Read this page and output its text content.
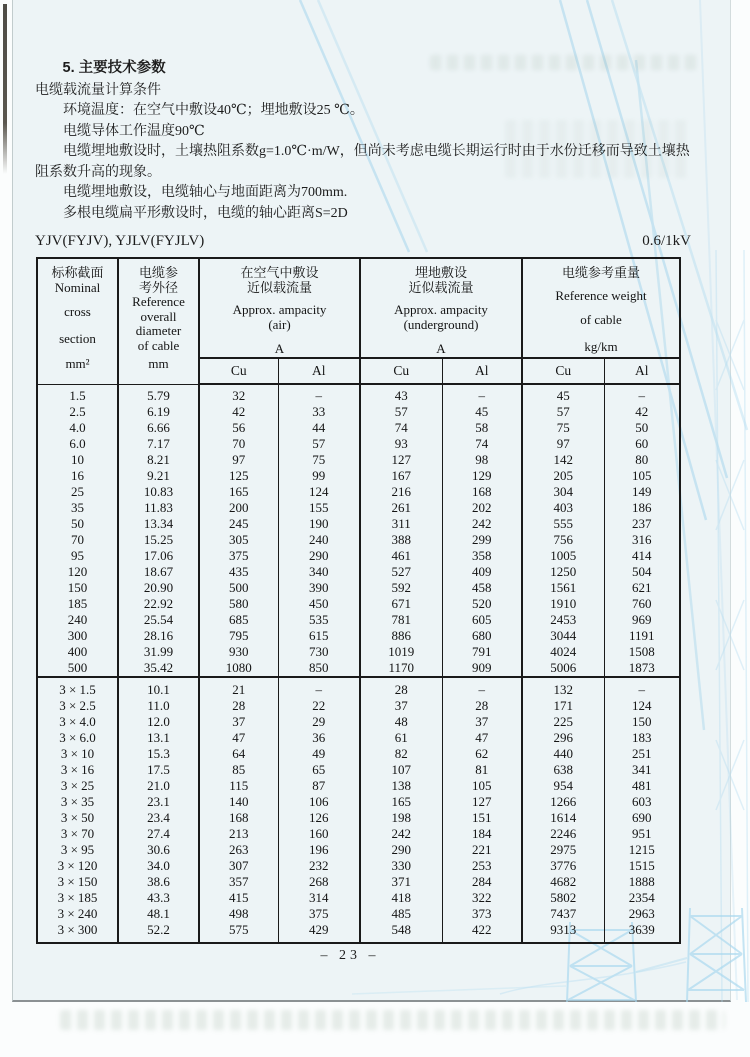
5. 主要技术参数

电缆载流量计算条件

环境温度：在空气中敷设40℃；埋地敷设25 ℃。

电缆导体工作温度90℃

电缆埋地敷设时，土壤热阻系数g=1.0℃·m/W，但尚未考虑电缆长期运行时由于水份迁移而导致土壤热阻系数升高的现象。

电缆埋地敷设，电缆轴心与地面距离为700mm.

多根电缆扁平形敷设时，电缆的轴心距离S=2D

YJV(FYJV), YJLV(FYJLV)	0.6/1kV
标称截面
Nominal
cross
section
mm²

电缆参
考外径
Reference
overall
diameter
of cable
mm

在空气中敷设
近似载流量
Approx. ampacity
(air)
A

埋地敷设
近似载流量
Approx. ampacity
(underground)
A

电缆参考重量
Reference weight
of cable
kg/km

		Cu	Al	Cu	Al	Cu	Al
1.5	5.79	32	–	43	–	45	–
2.5	6.19	42	33	57	45	57	42
4.0	6.66	56	44	74	58	75	50
6.0	7.17	70	57	93	74	97	60
10	8.21	97	75	127	98	142	80
16	9.21	125	99	167	129	205	105
25	10.83	165	124	216	168	304	149
35	11.83	200	155	261	202	403	186
50	13.34	245	190	311	242	555	237
70	15.25	305	240	388	299	756	316
95	17.06	375	290	461	358	1005	414
120	18.67	435	340	527	409	1250	504
150	20.90	500	390	592	458	1561	621
185	22.92	580	450	671	520	1910	760
240	25.54	685	535	781	605	2453	969
300	28.16	795	615	886	680	3044	1191
400	31.99	930	730	1019	791	4024	1508
500	35.42	1080	850	1170	909	5006	1873
3 × 1.5	10.1	21	–	28	–	132	–
3 × 2.5	11.0	28	22	37	28	171	124
3 × 4.0	12.0	37	29	48	37	225	150
3 × 6.0	13.1	47	36	61	47	296	183
3 × 10	15.3	64	49	82	62	440	251
3 × 16	17.5	85	65	107	81	638	341
3 × 25	21.0	115	87	138	105	954	481
3 × 35	23.1	140	106	165	127	1266	603
3 × 50	23.4	168	126	198	151	1614	690
3 × 70	27.4	213	160	242	184	2246	951
3 × 95	30.6	263	196	290	221	2975	1215
3 × 120	34.0	307	232	330	253	3776	1515
3 × 150	38.6	357	268	371	284	4682	1888
3 × 185	43.3	415	314	418	322	5802	2354
3 × 240	48.1	498	375	485	373	7437	2963
3 × 300	52.2	575	429	548	422	9313	3639
– 23 –
